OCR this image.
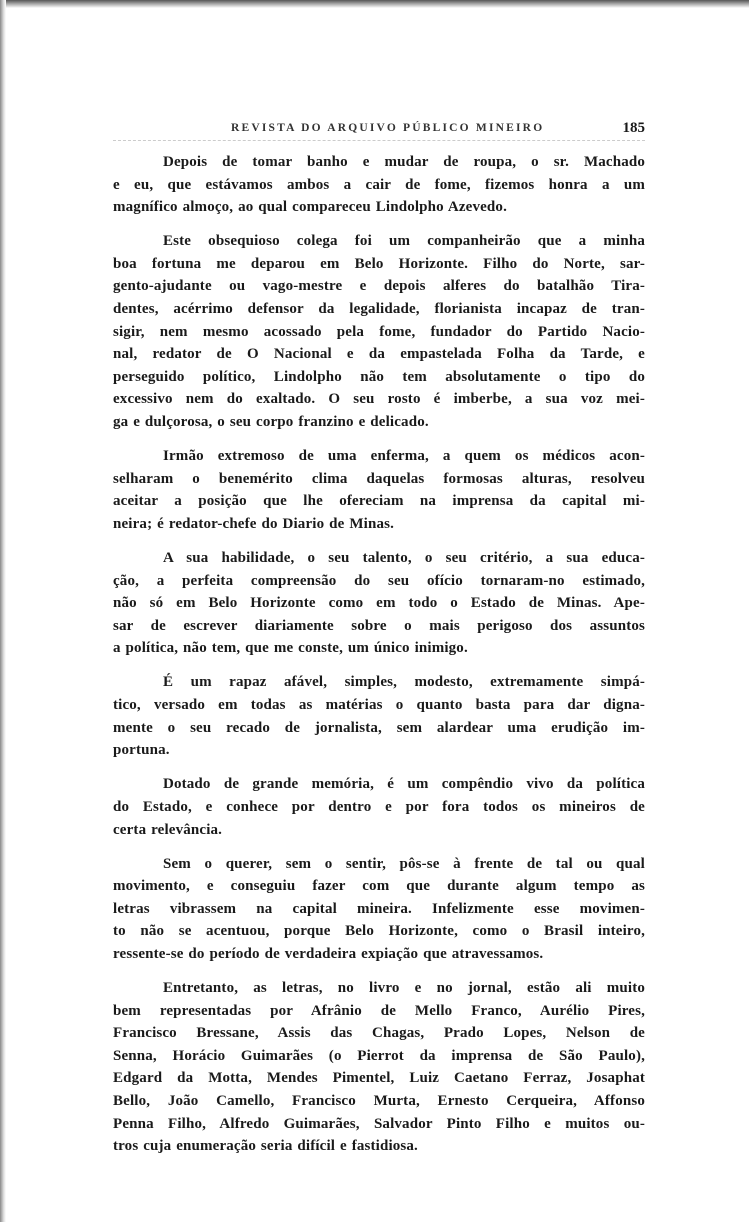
REVISTA DO ARQUIVO PÚBLICO MINEIRO	185
Depois de tomar banho e mudar de roupa, o sr. Machado
e eu, que estávamos ambos a cair de fome, fizemos honra a um
magnífico almoço, ao qual compareceu Lindolpho Azevedo.
Este obsequioso colega foi um companheirão que a minha
boa fortuna me deparou em Belo Horizonte. Filho do Norte, sar-
gento-ajudante ou vago-mestre e depois alferes do batalhão Tira-
dentes, acérrimo defensor da legalidade, florianista incapaz de tran-
sigir, nem mesmo acossado pela fome, fundador do Partido Nacio-
nal, redator de O Nacional e da empastelada Folha da Tarde, e
perseguido político, Lindolpho não tem absolutamente o tipo do
excessivo nem do exaltado. O seu rosto é imberbe, a sua voz mei-
ga e dulçorosa, o seu corpo franzino e delicado.
Irmão extremoso de uma enferma, a quem os médicos acon-
selharam o benemérito clima daquelas formosas alturas, resolveu
aceitar a posição que lhe ofereciam na imprensa da capital mi-
neira; é redator-chefe do Diario de Minas.
A sua habilidade, o seu talento, o seu critério, a sua educa-
ção, a perfeita compreensão do seu ofício tornaram-no estimado,
não só em Belo Horizonte como em todo o Estado de Minas. Ape-
sar de escrever diariamente sobre o mais perigoso dos assuntos
a política, não tem, que me conste, um único inimigo.
É um rapaz afável, simples, modesto, extremamente simpá-
tico, versado em todas as matérias o quanto basta para dar digna-
mente o seu recado de jornalista, sem alardear uma erudição im-
portuna.
Dotado de grande memória, é um compêndio vivo da política
do Estado, e conhece por dentro e por fora todos os mineiros de
certa relevância.
Sem o querer, sem o sentir, pôs-se à frente de tal ou qual
movimento, e conseguiu fazer com que durante algum tempo as
letras vibrassem na capital mineira. Infelizmente esse movimen-
to não se acentuou, porque Belo Horizonte, como o Brasil inteiro,
ressente-se do período de verdadeira expiação que atravessamos.
Entretanto, as letras, no livro e no jornal, estão ali muito
bem representadas por Afrânio de Mello Franco, Aurélio Pires,
Francisco Bressane, Assis das Chagas, Prado Lopes, Nelson de
Senna, Horácio Guimarães (o Pierrot da imprensa de São Paulo),
Edgard da Motta, Mendes Pimentel, Luiz Caetano Ferraz, Josaphat
Bello, João Camello, Francisco Murta, Ernesto Cerqueira, Affonso
Penna Filho, Alfredo Guimarães, Salvador Pinto Filho e muitos ou-
tros cuja enumeração seria difícil e fastidiosa.
